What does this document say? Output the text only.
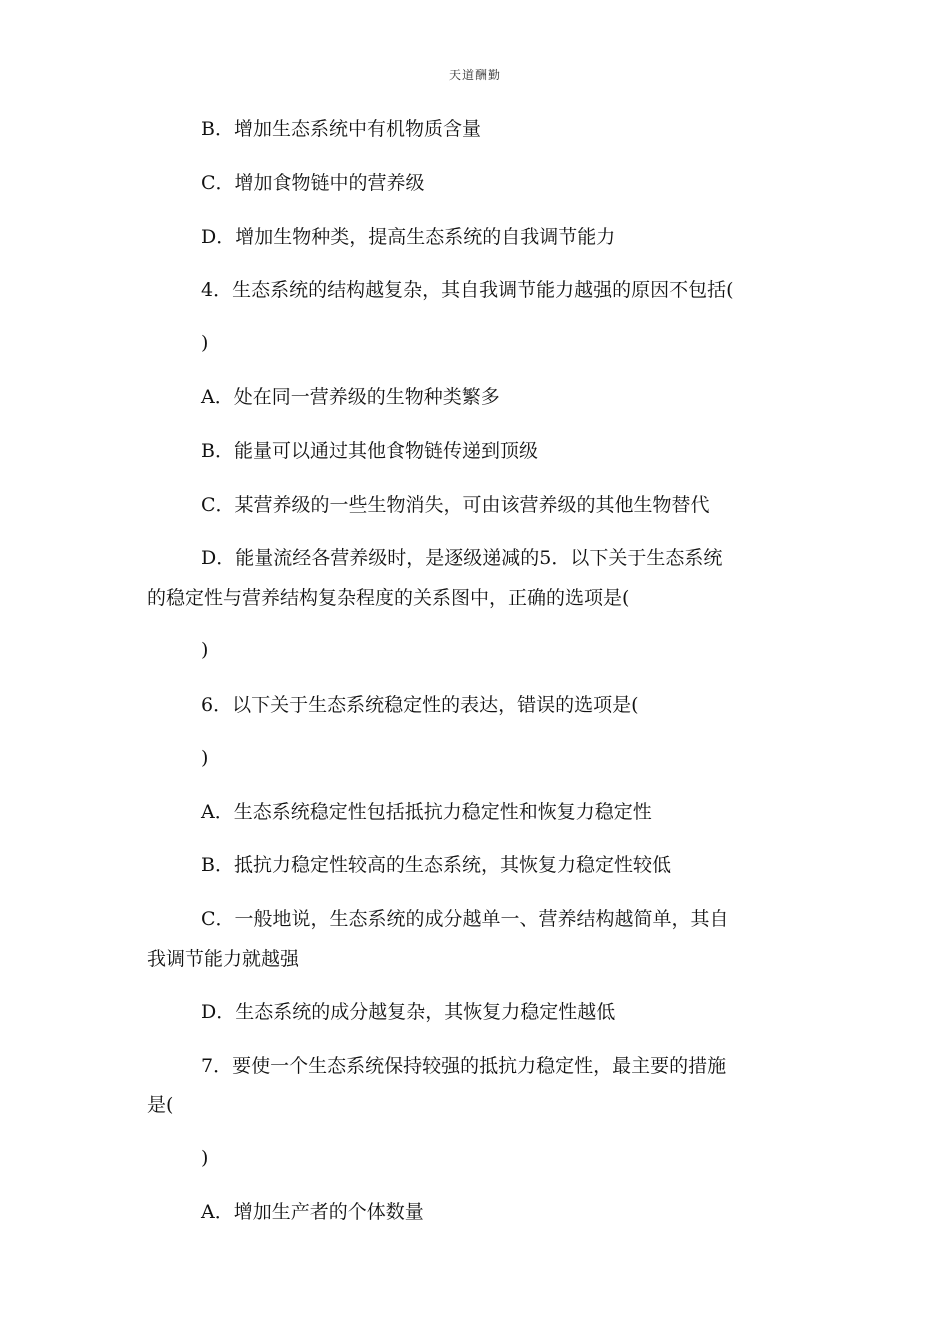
天道酬勤
B．增加生态系统中有机物质含量
C．增加食物链中的营养级
D．增加生物种类，提高生态系统的自我调节能力
4．生态系统的结构越复杂，其自我调节能力越强的原因不包括(
)
A．处在同一营养级的生物种类繁多
B．能量可以通过其他食物链传递到顶级
C．某营养级的一些生物消失，可由该营养级的其他生物替代
D．能量流经各营养级时，是逐级递减的5．以下关于生态系统
的稳定性与营养结构复杂程度的关系图中，正确的选项是(
)
6．以下关于生态系统稳定性的表达，错误的选项是(
)
A．生态系统稳定性包括抵抗力稳定性和恢复力稳定性
B．抵抗力稳定性较高的生态系统，其恢复力稳定性较低
C．一般地说，生态系统的成分越单一、营养结构越简单，其自
我调节能力就越强
D．生态系统的成分越复杂，其恢复力稳定性越低
7．要使一个生态系统保持较强的抵抗力稳定性，最主要的措施
是(
)
A．增加生产者的个体数量
